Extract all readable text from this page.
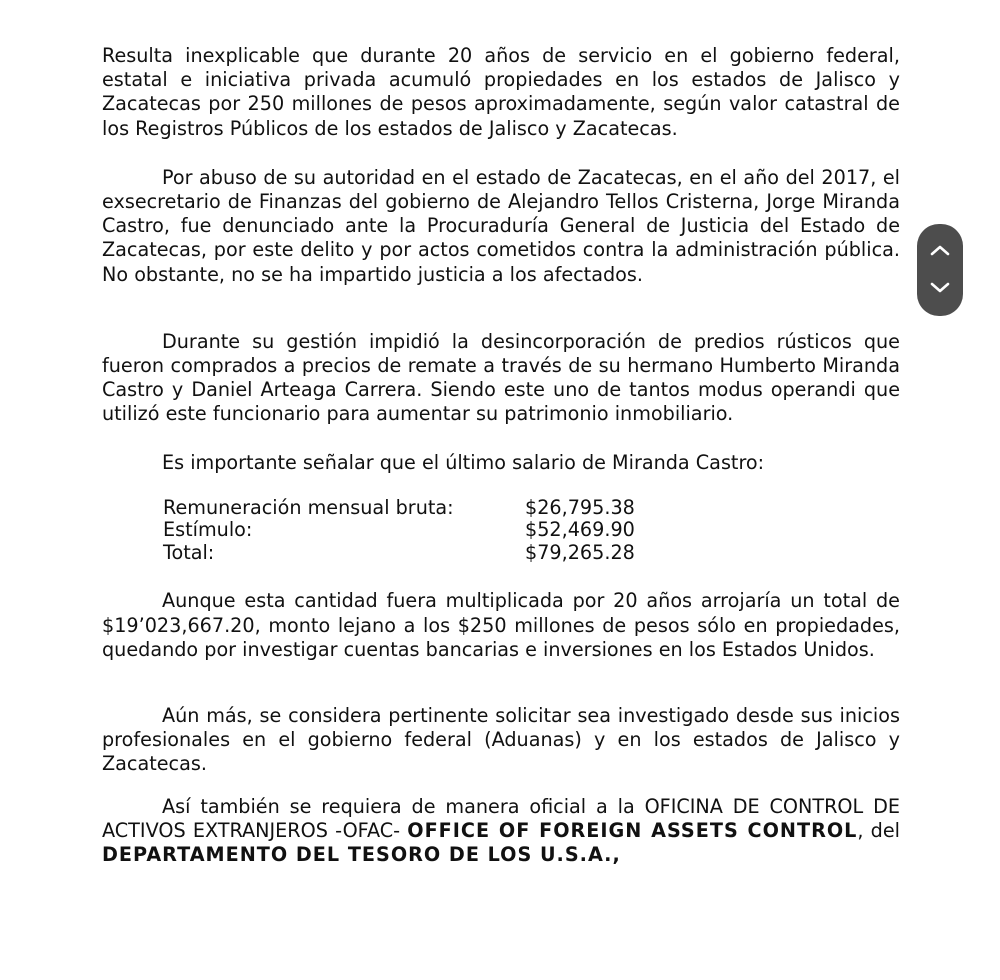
Resulta inexplicable que durante 20 años de servicio en el gobierno federal, estatal e iniciativa privada acumuló propiedades en los estados de Jalisco y Zacatecas por 250 millones de pesos aproximadamente, según valor catastral de los Registros Públicos de los estados de Jalisco y Zacatecas.

Por abuso de su autoridad en el estado de Zacatecas, en el año del 2017, el exsecretario de Finanzas del gobierno de Alejandro Tellos Cristerna, Jorge Miranda Castro, fue denunciado ante la Procuraduría General de Justicia del Estado de Zacatecas, por este delito y por actos cometidos contra la administración pública. No obstante, no se ha impartido justicia a los afectados.

Durante su gestión impidió la desincorporación de predios rústicos que fueron comprados a precios de remate a través de su hermano Humberto Miranda Castro y Daniel Arteaga Carrera. Siendo este uno de tantos modus operandi que utilizó este funcionario para aumentar su patrimonio inmobiliario.

Es importante señalar que el último salario de Miranda Castro:

Remuneración mensual bruta:	$26,795.38
Estímulo:	$52,469.90
Total:	$79,265.28

Aunque esta cantidad fuera multiplicada por 20 años arrojaría un total de $19’023,667.20, monto lejano a los $250 millones de pesos sólo en propiedades, quedando por investigar cuentas bancarias e inversiones en los Estados Unidos.

Aún más, se considera pertinente solicitar sea investigado desde sus inicios profesionales en el gobierno federal (Aduanas) y en los estados de Jalisco y Zacatecas.

Así también se requiera de manera oficial a la OFICINA DE CONTROL DE ACTIVOS EXTRANJEROS -OFAC- OFFICE OF FOREIGN ASSETS CONTROL, del DEPARTAMENTO DEL TESORO DE LOS U.S.A.,
